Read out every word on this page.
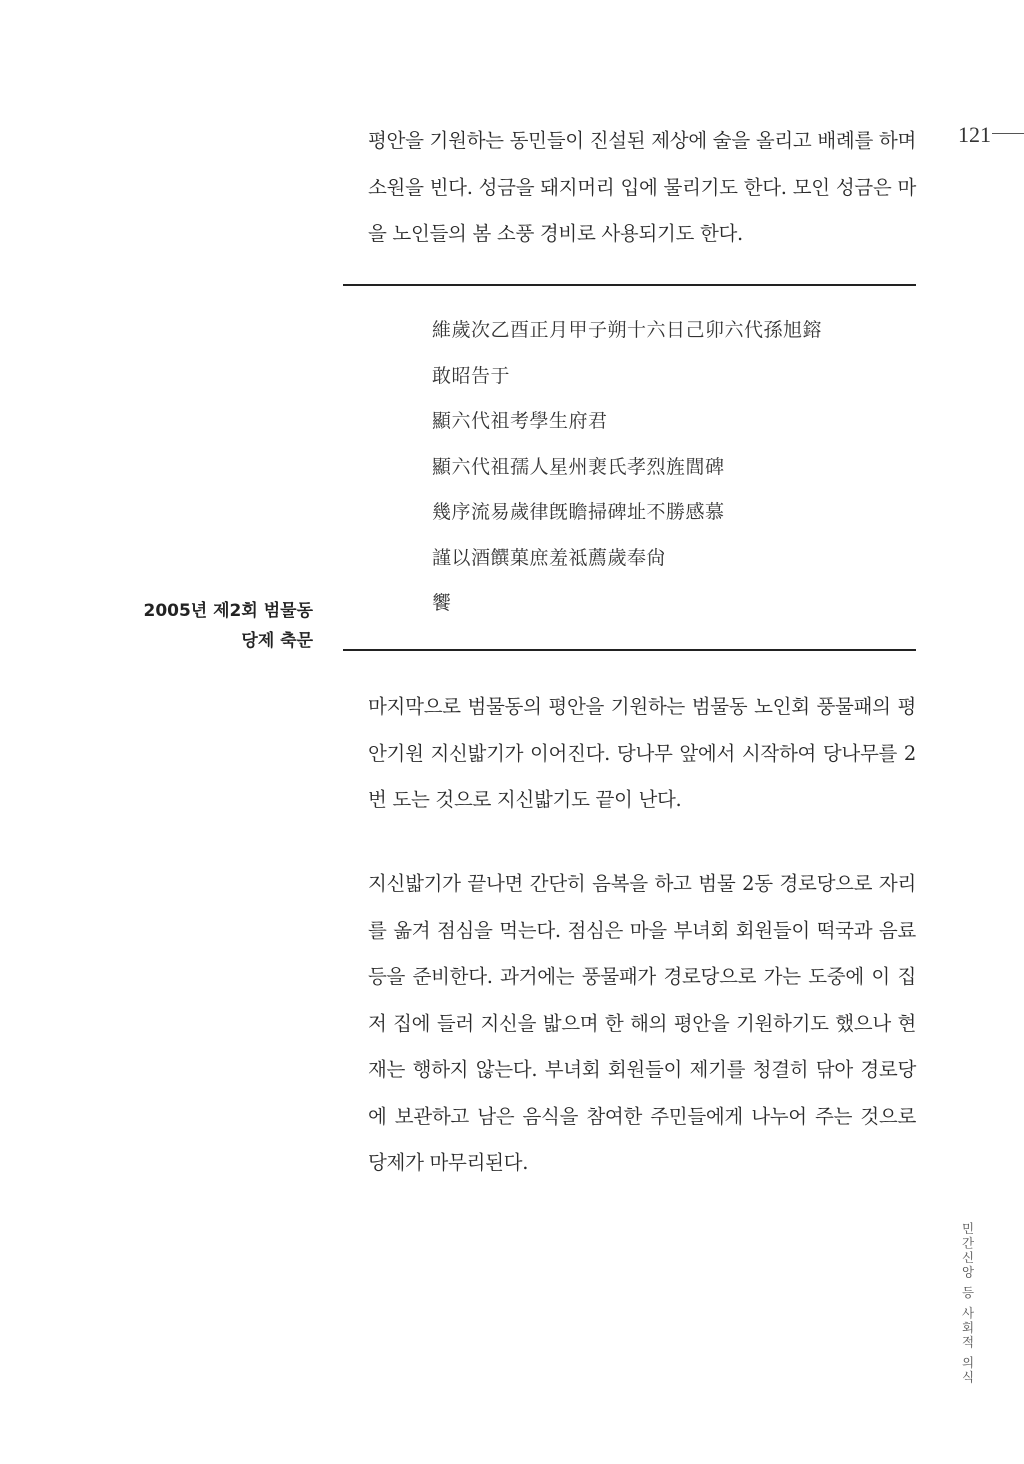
121

평안을 기원하는 동민들이 진설된 제상에 술을 올리고 배례를 하며 소원을 빈다. 성금을 돼지머리 입에 물리기도 한다. 모인 성금은 마을 노인들의 봄 소풍 경비로 사용되기도 한다.

維歲次乙酉正月甲子朔十六日己卯六代孫旭鎔
敢昭告于
顯六代祖考學生府君
顯六代祖孺人星州裵氏孝烈旌閭碑
幾序流易歲律旣瞻掃碑址不勝感慕
謹以酒饌菓庶羞祗薦歲奉尙
饗
2005년 제2회 범물동
당제 축문

마지막으로 범물동의 평안을 기원하는 범물동 노인회 풍물패의 평안기원 지신밟기가 이어진다. 당나무 앞에서 시작하여 당나무를 2번 도는 것으로 지신밟기도 끝이 난다.

지신밟기가 끝나면 간단히 음복을 하고 범물 2동 경로당으로 자리를 옮겨 점심을 먹는다. 점심은 마을 부녀회 회원들이 떡국과 음료 등을 준비한다. 과거에는 풍물패가 경로당으로 가는 도중에 이 집 저 집에 들러 지신을 밟으며 한 해의 평안을 기원하기도 했으나 현재는 행하지 않는다. 부녀회 회원들이 제기를 청결히 닦아 경로당에 보관하고 남은 음식을 참여한 주민들에게 나누어 주는 것으로 당제가 마무리된다.

민간신앙 등 사회적 의식
